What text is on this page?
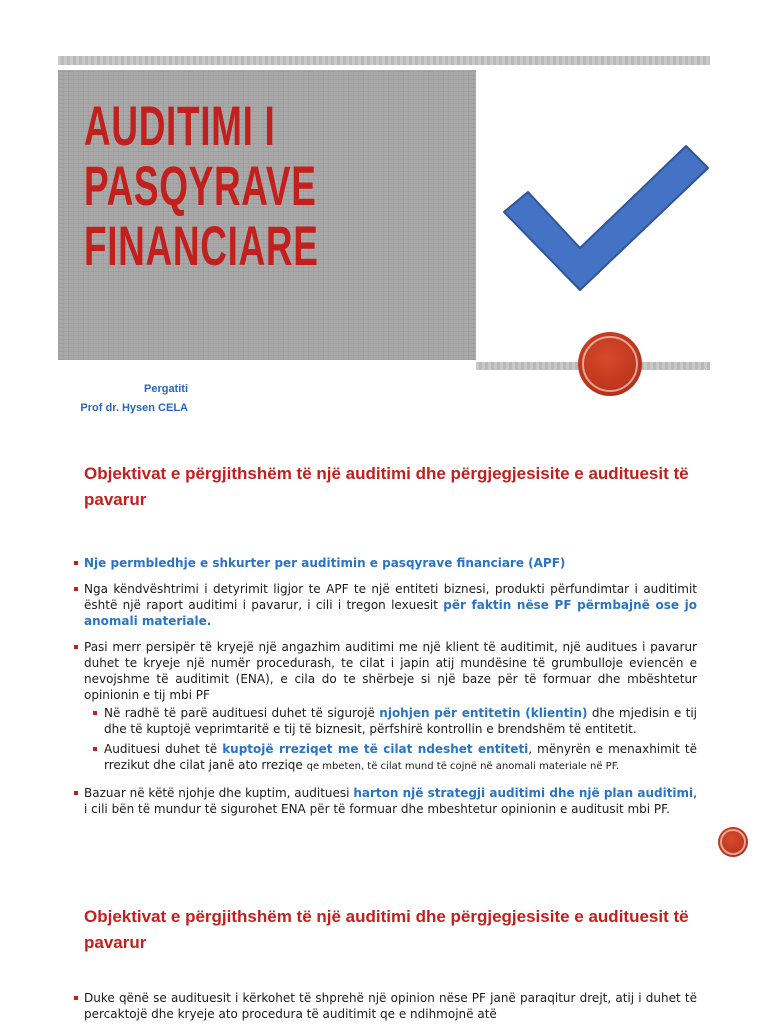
AUDITIMI I
PASQYRAVE
FINANCIARE
Pergatiti
Prof dr. Hysen CELA
Objektivat e përgjithshëm të një auditimi dhe përgjegjesisite e audituesit të pavarur
Nje permbledhje e shkurter per auditimin e pasqyrave financiare (APF)
Nga këndvështrimi i detyrimit ligjor te APF te një entiteti biznesi, produkti përfundimtar i auditimit është një raport auditimi i pavarur, i cili i tregon lexuesit për faktin nëse PF përmbajnë ose jo anomali materiale.
Pasi merr persipër të kryejë një angazhim auditimi me një klient të auditimit, një auditues i pavarur duhet te kryeje një numër procedurash, te cilat i japin atij mundësine të grumbulloje eviencën e nevojshme të auditimit (ENA), e cila do te shërbeje si një baze për të formuar dhe mbështetur opinionin e tij mbi PF
Në radhë të parë audituesi duhet të sigurojë njohjen për entitetin (klientin) dhe mjedisin e tij dhe të kuptojë veprimtaritë e tij të biznesit, përfshirë kontrollin e brendshëm të entitetit.
Audituesi duhet të kuptojë rreziqet me të cilat ndeshet entiteti, mënyrën e menaxhimit të rrezikut dhe cilat janë ato rreziqe qe mbeten, të cilat mund të cojnë në anomali materiale në PF.
Bazuar në këtë njohje dhe kuptim, audituesi harton një strategji auditimi dhe një plan auditimi, i cili bën të mundur të sigurohet ENA për të formuar dhe mbeshtetur opinionin e auditusit mbi PF.
Objektivat e përgjithshëm të një auditimi dhe përgjegjesisite e audituesit të pavarur
Duke qënë se audituesit i kërkohet të shprehë një opinion nëse PF janë paraqitur drejt, atij i duhet të percaktojë dhe kryeje ato procedura të auditimit qe e ndihmojnë atë
